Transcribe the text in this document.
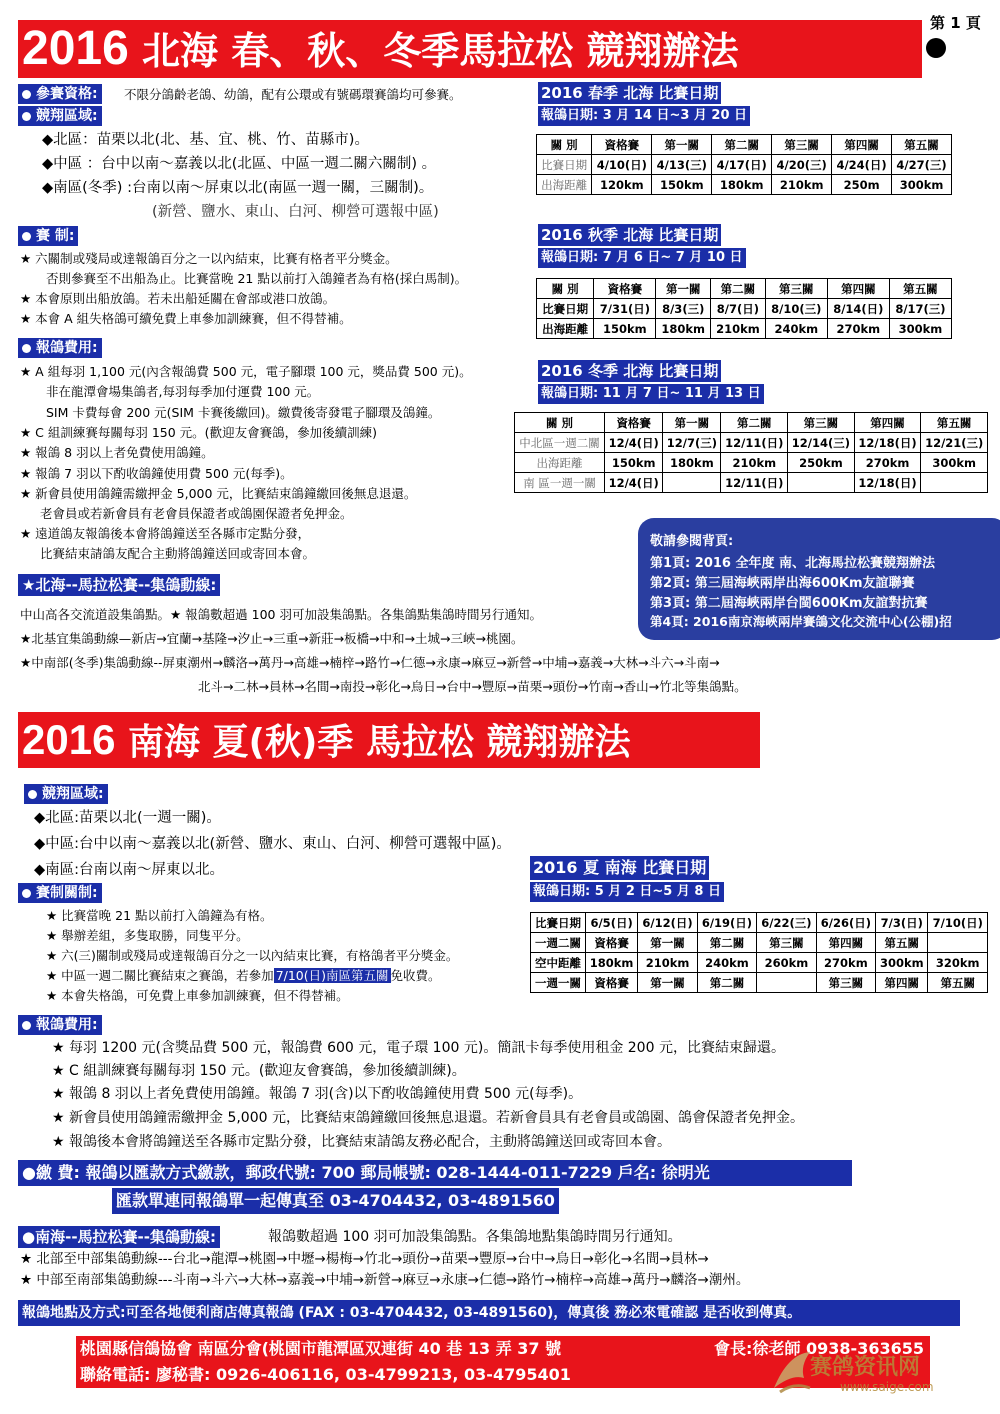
第 1 頁
2016 北海 春、秋、冬季馬拉松 競翔辦法
參賽資格:	不限分鴿齡老鴿、幼鴿，配有公環或有號碼環賽鴿均可參賽。
競翔區域:
◆北區：苗栗以北(北、基、宜、桃、竹、苗縣市)。
◆中區 ：台中以南～嘉義以北(北區、中區一週二關六關制) 。
◆南區(冬季) :台南以南～屏東以北(南區一週一關，三關制)。
(新營、鹽水、東山、白河、柳營可選報中區)
賽 制:
★ 六關制或殘局或達報鴿百分之一以內結束，比賽有格者平分獎金。
否則參賽至不出船為止。比賽當晚 21 點以前打入鴿鐘者為有格(採白馬制)。
★ 本會原則出船放鴿。若未出船延關在會部或港口放鴿。
★ 本會 A 組失格鴿可續免費上車參加訓練賽，但不得替補。
報鴿費用:
★ A 組每羽 1,100 元(內含報鴿費 500 元，電子腳環 100 元，獎品費 500 元)。
非在龍潭會場集鴿者,每羽每季加付運費 100 元。
SIM 卡費每會 200 元(SIM 卡賽後繳回)。繳費後寄發電子腳環及鴿鐘。
★ C 組訓練賽每關每羽 150 元。(歡迎友會賽鴿，參加後續訓練)
★ 報鴿 8 羽以上者免費使用鴿鐘。
★ 報鴿 7 羽以下酌收鴿鐘使用費 500 元(每季)。
★ 新會員使用鴿鐘需繳押金 5,000 元，比賽結束鴿鐘繳回後無息退還。
老會員或若新會員有老會員保證者或鴿園保證者免押金。
★ 遠道鴿友報鴿後本會將鴿鐘送至各縣市定點分發，
比賽結束請鴿友配合主動將鴿鐘送回或寄回本會。
★北海--馬拉松賽--集鴿動線:
中山高各交流道設集鴿點。★ 報鴿數超過 100 羽可加設集鴿點。各集鴿點集鴿時間另行通知。
★北基宜集鴿動線—新店→宜蘭→基隆→汐止→三重→新莊→板橋→中和→土城→三峽→桃園。
★中南部(冬季)集鴿動線--屏東潮州→麟洛→萬丹→高雄→楠梓→路竹→仁德→永康→麻豆→新營→中埔→嘉義→大林→斗六→斗南→
北斗→二林→員林→名間→南投→彰化→烏日→台中→豐原→苗栗→頭份→竹南→香山→竹北等集鴿點。
2016 春季 北海 比賽日期
報鴿日期: 3 月 14 日~3 月 20 日
關 別	資格賽	第一關	第二關	第三關	第四關	第五關
比賽日期	4/10(日)	4/13(三)	4/17(日)	4/20(三)	4/24(日)	4/27(三)
出海距離	120km	150km	180km	210km	250m	300km
2016 秋季 北海 比賽日期
報鴿日期: 7 月 6 日~ 7 月 10 日
關 別	資格賽	第一關	第二關	第三關	第四關	第五關
比賽日期	7/31(日)	8/3(三)	8/7(日)	8/10(三)	8/14(日)	8/17(三)
出海距離	150km	180km	210km	240km	270km	300km
2016 冬季 北海 比賽日期
報鴿日期: 11 月 7 日~ 11 月 13 日
關 別	資格賽	第一關	第二關	第三關	第四關	第五關
中北區一週二關	12/4(日)	12/7(三)	12/11(日)	12/14(三)	12/18(日)	12/21(三)
出海距離	150km	180km	210km	250km	270km	300km
南 區一週一關	12/4(日)		12/11(日)		12/18(日)	
敬請參閱背頁:
第1頁: 2016 全年度 南、北海馬拉松賽競翔辦法
第2頁: 第三屆海峽兩岸出海600Km友誼聯賽
第3頁: 第二屆海峽兩岸台閩600Km友誼對抗賽
第4頁: 2016南京海峽兩岸賽鴿文化交流中心(公棚)招
2016 南海 夏(秋)季 馬拉松 競翔辦法
競翔區域:
◆北區:苗栗以北(一週一關)。
◆中區:台中以南～嘉義以北(新營、鹽水、東山、白河、柳營可選報中區)。
◆南區:台南以南～屏東以北。
賽制關制:
★ 比賽當晚 21 點以前打入鴿鐘為有格。
★ 舉辦差組，多隻取勝，同隻平分。
★ 六(三)關制或殘局或達報鴿百分之一以內結束比賽，有格鴿者平分獎金。
★ 中區一週二關比賽結束之賽鴿，若參加 7/10(日)南區第五關 免收費。
★ 本會失格鴿，可免費上車參加訓練賽，但不得替補。
2016 夏 南海 比賽日期
報鴿日期: 5 月 2 日~5 月 8 日
比賽日期	6/5(日)	6/12(日)	6/19(日)	6/22(三)	6/26(日)	7/3(日)	7/10(日)
一週二關	資格賽	第一關	第二關	第三關	第四關	第五關	
空中距離	180km	210km	240km	260km	270km	300km	320km
一週一關	資格賽	第一關	第二關		第三關	第四關	第五關
報鴿費用:
★ 每羽 1200 元(含獎品費 500 元，報鴿費 600 元，電子環 100 元)。簡訊卡每季使用租金 200 元，比賽結束歸還。
★ C 組訓練賽每關每羽 150 元。(歡迎友會賽鴿，參加後續訓練)。
★ 報鴿 8 羽以上者免費使用鴿鐘。報鴿 7 羽(含)以下酌收鴿鐘使用費 500 元(每季)。
★ 新會員使用鴿鐘需繳押金 5,000 元，比賽結束鴿鐘繳回後無息退還。若新會員具有老會員或鴿園、鴿會保證者免押金。
★ 報鴿後本會將鴿鐘送至各縣市定點分發，比賽結束請鴿友務必配合，主動將鴿鐘送回或寄回本會。
●繳 費: 報鴿以匯款方式繳款，郵政代號: 700 郵局帳號: 028-1444-011-7229 戶名: 徐明光
匯款單連同報鴿單一起傳真至 03-4704432, 03-4891560
●南海--馬拉松賽--集鴿動線:	報鴿數超過 100 羽可加設集鴿點。各集鴿地點集鴿時間另行通知。
★ 北部至中部集鴿動線---台北→龍潭→桃園→中壢→楊梅→竹北→頭份→苗栗→豐原→台中→烏日→彰化→名間→員林→
★ 中部至南部集鴿動線---斗南→斗六→大林→嘉義→中埔→新營→麻豆→永康→仁德→路竹→楠梓→高雄→萬丹→麟洛→潮州。
報鴿地點及方式:可至各地便利商店傳真報鴿 (FAX : 03-4704432, 03-4891560)，傳真後 務必來電確認 是否收到傳真。
桃園縣信鴿協會 南區分會(桃園市龍潭區双連街 40 巷 13 弄 37 號	會長:徐老師 0938-363655
聯絡電話: 廖秘書: 0926-406116, 03-4799213, 03-4795401	赛鸽资讯网
www.saige.com
